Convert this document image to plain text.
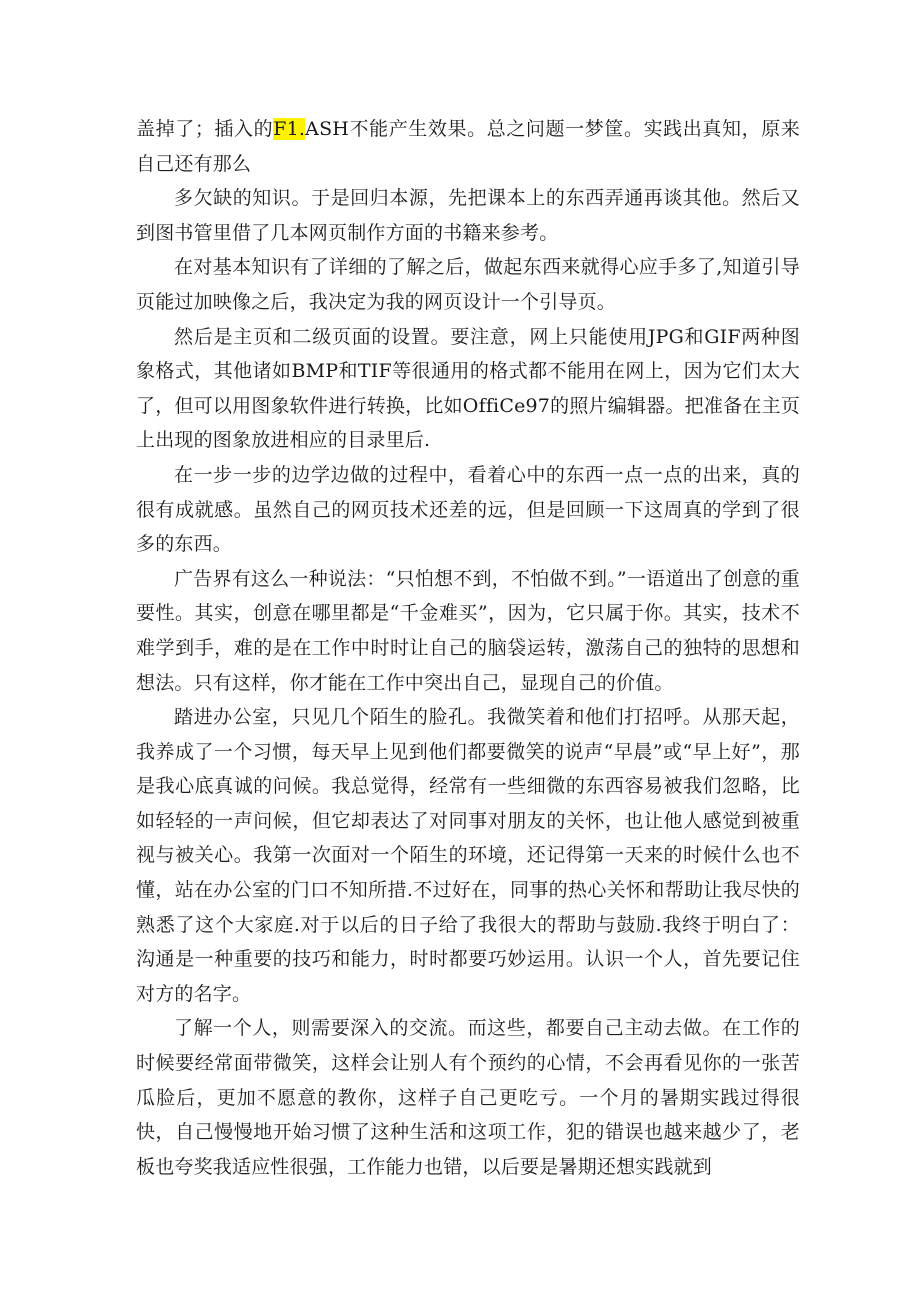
盖掉了；插入的F1.ASH不能产生效果。总之问题一梦筐。实践出真知，原来自己还有那么

多欠缺的知识。于是回归本源，先把课本上的东西弄通再谈其他。然后又到图书管里借了几本网页制作方面的书籍来参考。

在对基本知识有了详细的了解之后，做起东西来就得心应手多了,知道引导页能过加映像之后，我决定为我的网页设计一个引导页。

然后是主页和二级页面的设置。要注意，网上只能使用JPG和GIF两种图象格式，其他诸如BMP和TIF等很通用的格式都不能用在网上，因为它们太大了，但可以用图象软件进行转换，比如OffiCe97的照片编辑器。把准备在主页上出现的图象放进相应的目录里后.

在一步一步的边学边做的过程中，看着心中的东西一点一点的出来，真的很有成就感。虽然自己的网页技术还差的远，但是回顾一下这周真的学到了很多的东西。

广告界有这么一种说法：“只怕想不到，不怕做不到。”一语道出了创意的重要性。其实，创意在哪里都是“千金难买”，因为，它只属于你。其实，技术不难学到手，难的是在工作中时时让自己的脑袋运转，激荡自己的独特的思想和想法。只有这样，你才能在工作中突出自己，显现自己的价值。

踏进办公室，只见几个陌生的脸孔。我微笑着和他们打招呼。从那天起，我养成了一个习惯，每天早上见到他们都要微笑的说声“早晨”或“早上好”，那是我心底真诚的问候。我总觉得，经常有一些细微的东西容易被我们忽略，比如轻轻的一声问候，但它却表达了对同事对朋友的关怀，也让他人感觉到被重视与被关心。我第一次面对一个陌生的环境，还记得第一天来的时候什么也不懂，站在办公室的门口不知所措.不过好在，同事的热心关怀和帮助让我尽快的熟悉了这个大家庭.对于以后的日子给了我很大的帮助与鼓励.我终于明白了：沟通是一种重要的技巧和能力，时时都要巧妙运用。认识一个人，首先要记住对方的名字。

了解一个人，则需要深入的交流。而这些，都要自己主动去做。在工作的时候要经常面带微笑，这样会让别人有个预约的心情，不会再看见你的一张苦瓜脸后，更加不愿意的教你，这样子自己更吃亏。一个月的暑期实践过得很快，自己慢慢地开始习惯了这种生活和这项工作，犯的错误也越来越少了，老板也夸奖我适应性很强，工作能力也错，以后要是暑期还想实践就到
